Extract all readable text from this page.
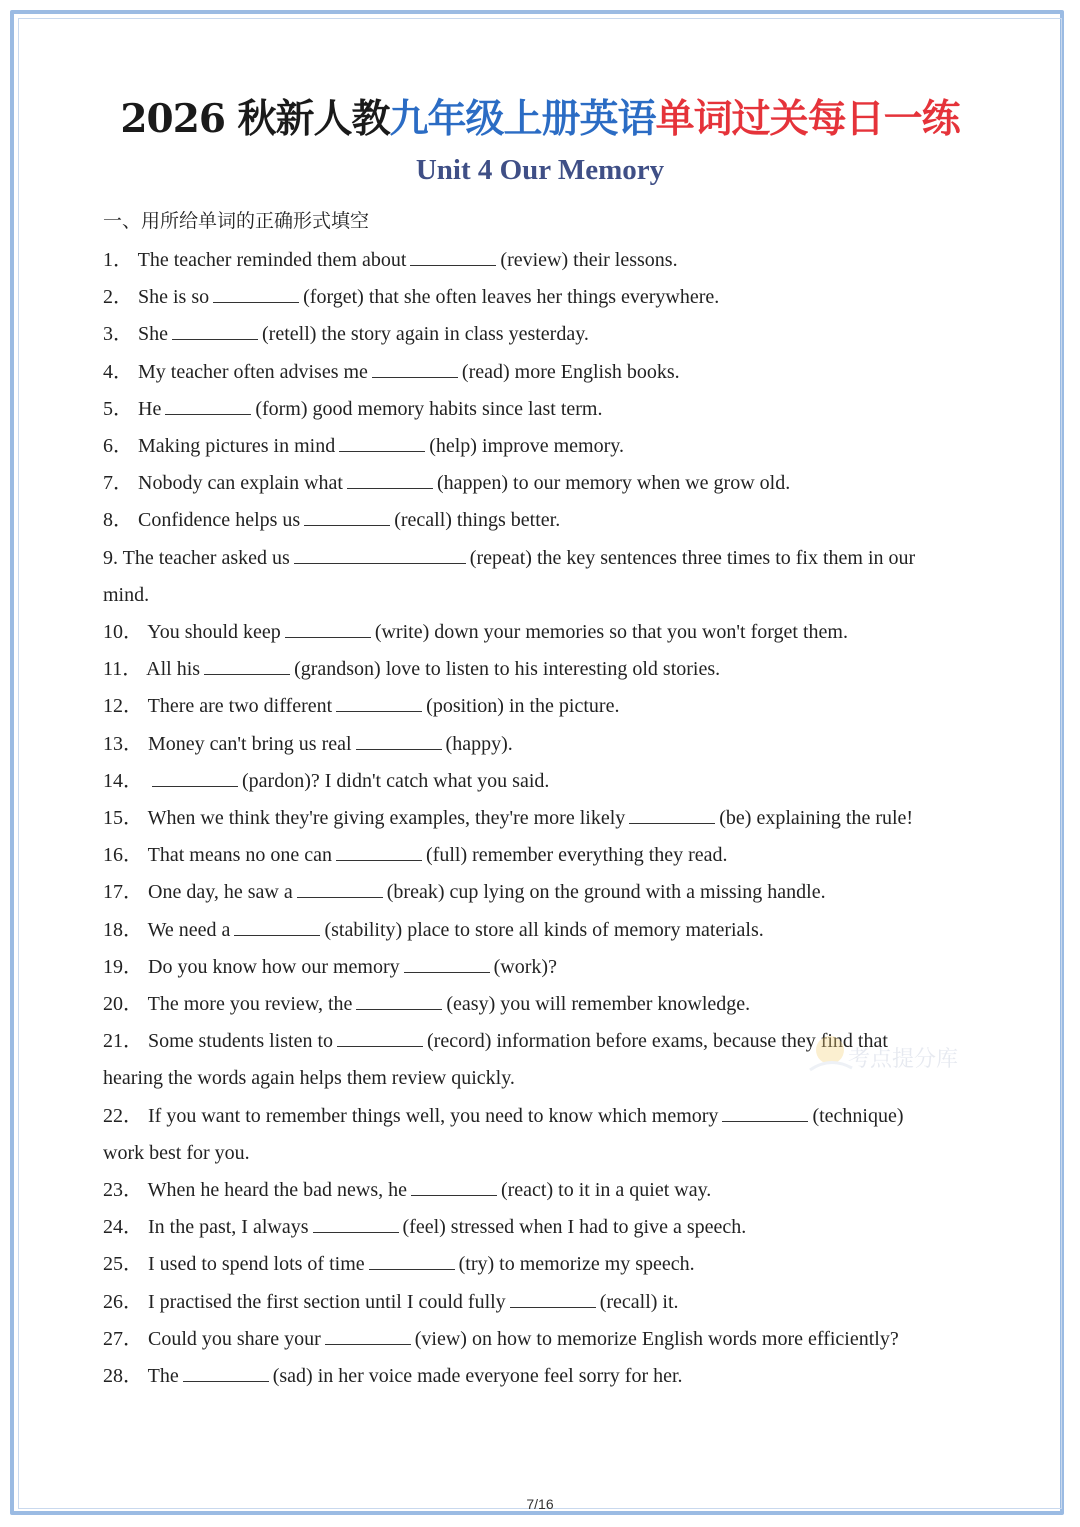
2026 秋新人教九年级上册英语单词过关每日一练
Unit 4 Our Memory
一、用所给单词的正确形式填空
1． The teacher reminded them about	(review) their lessons.
2． She is so	(forget) that she often leaves her things everywhere.
3． She	(retell) the story again in class yesterday.
4． My teacher often advises me	(read) more English books.
5． He	(form) good memory habits since last term.
6． Making pictures in mind	(help) improve memory.
7． Nobody can explain what	(happen) to our memory when we grow old.
8． Confidence helps us	(recall) things better.
9. The teacher asked us	(repeat) the key sentences three times to fix them in our
mind.
10． You should keep	(write) down your memories so that you won't forget them.
11． All his	(grandson) love to listen to his interesting old stories.
12． There are two different	(position) in the picture.
13． Money can't bring us real	(happy).
14．	(pardon)? I didn't catch what you said.
15． When we think they're giving examples, they're more likely	(be) explaining the rule!
16． That means no one can	(full) remember everything they read.
17． One day, he saw a	(break) cup lying on the ground with a missing handle.
18． We need a	(stability) place to store all kinds of memory materials.
19． Do you know how our memory	(work)?
20． The more you review, the	(easy) you will remember knowledge.
21． Some students listen to	(record) information before exams, because they find that
hearing the words again helps them review quickly.
22． If you want to remember things well, you need to know which memory	(technique)
work best for you.
23． When he heard the bad news, he	(react) to it in a quiet way.
24． In the past, I always	(feel) stressed when I had to give a speech.
25． I used to spend lots of time	(try) to memorize my speech.
26． I practised the first section until I could fully	(recall) it.
27． Could you share your	(view) on how to memorize English words more efficiently?
28． The	(sad) in her voice made everyone feel sorry for her.
考点提分库
7/16
